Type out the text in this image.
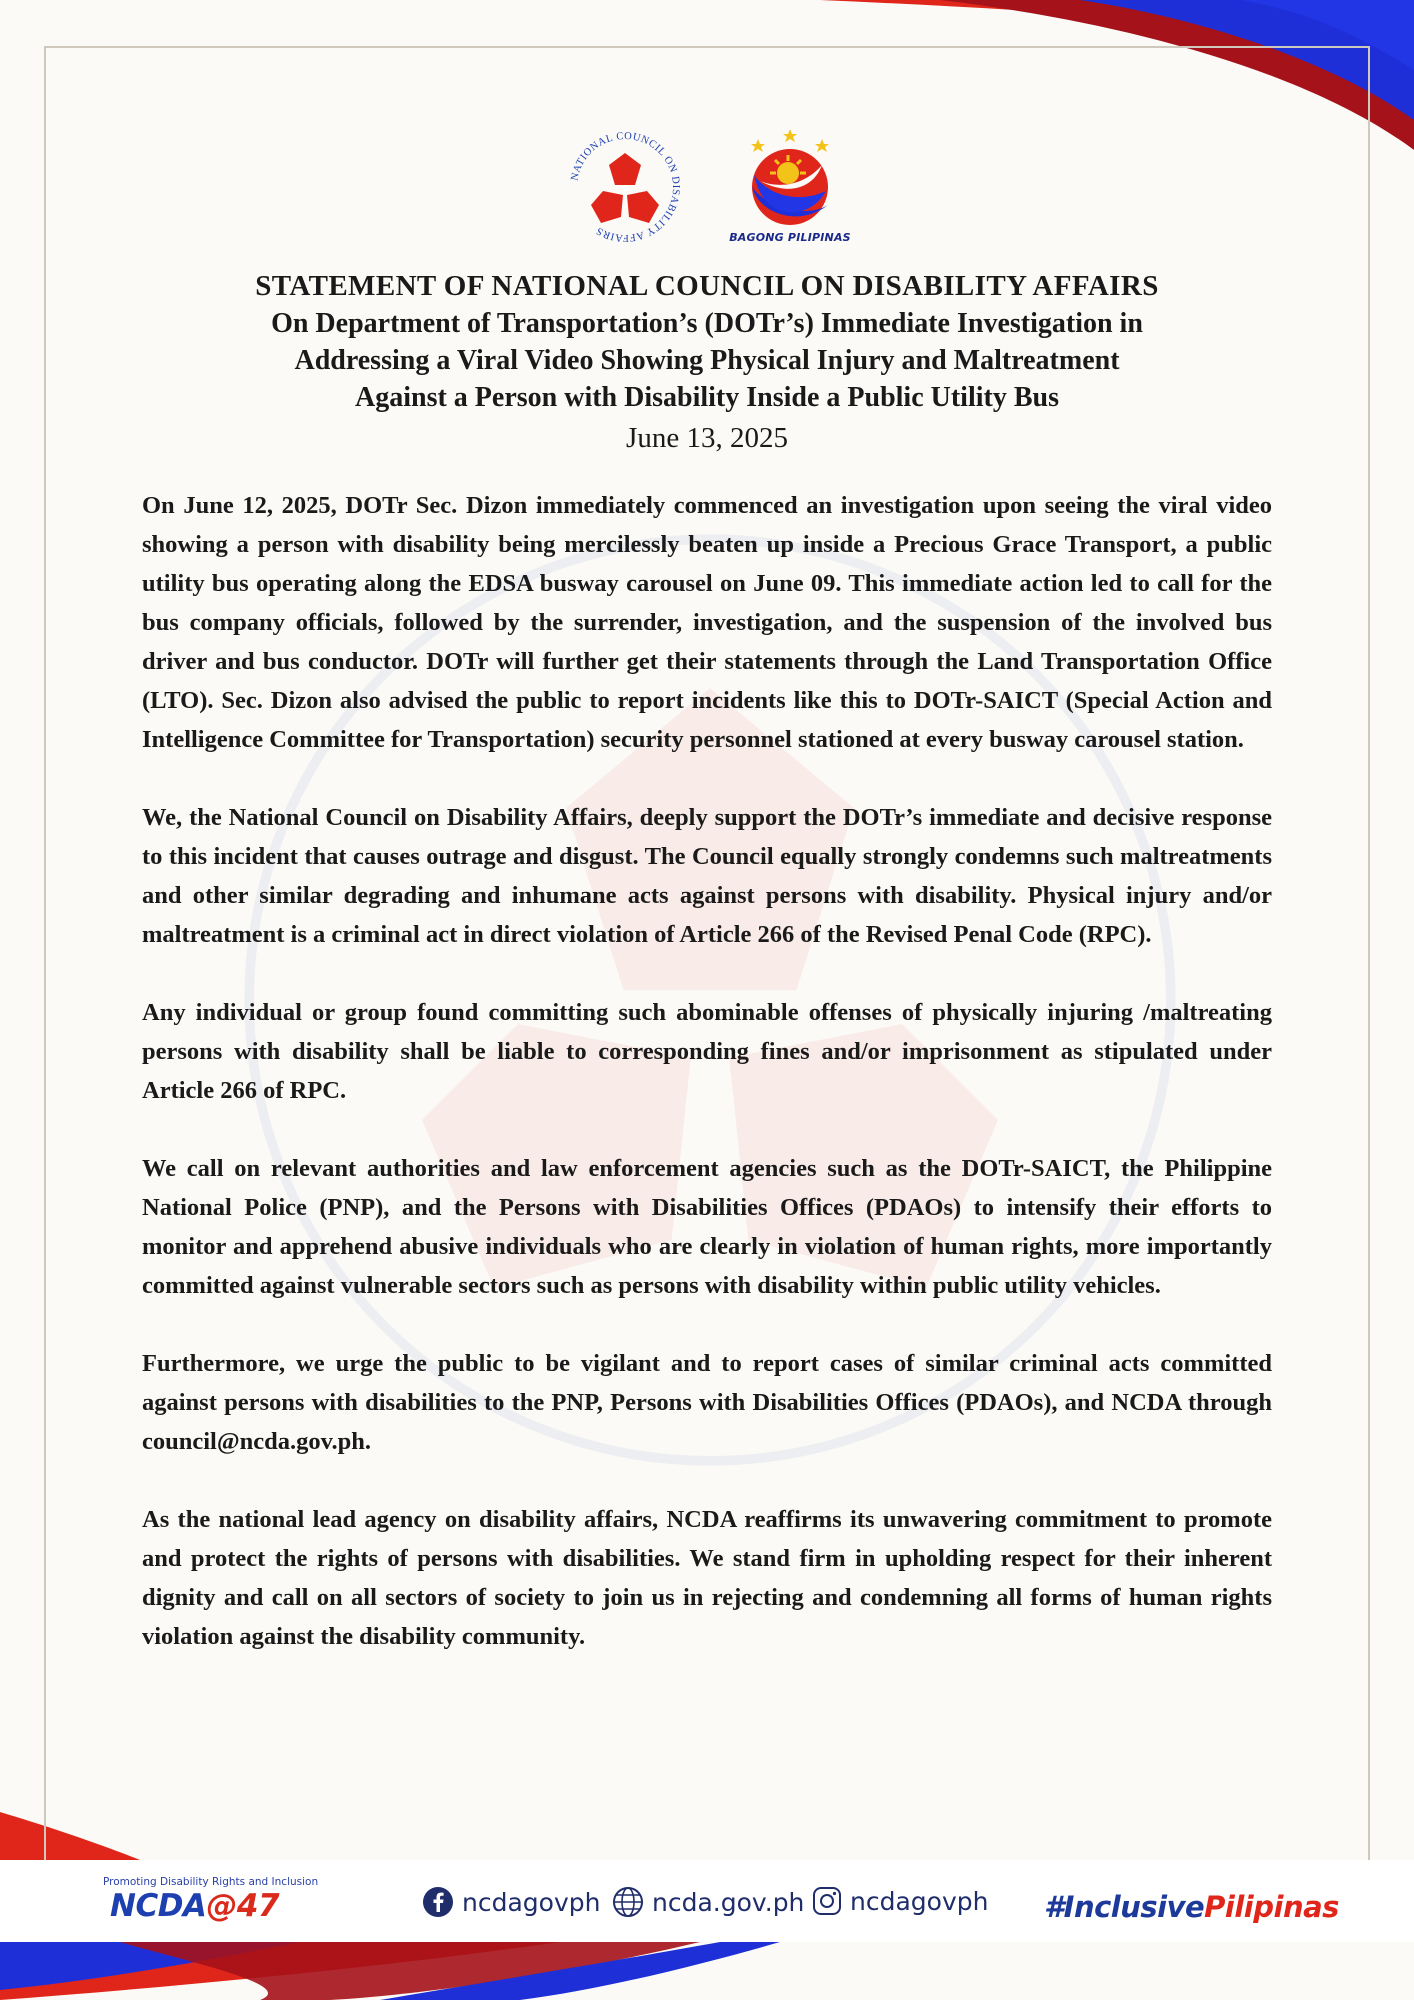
NATIONAL COUNCIL ON DISABILITY AFFAIRS
BAGONG PILIPINAS
STATEMENT OF NATIONAL COUNCIL ON DISABILITY AFFAIRS
On Department of Transportation’s (DOTr’s) Immediate Investigation in
Addressing a Viral Video Showing Physical Injury and Maltreatment
Against a Person with Disability Inside a Public Utility Bus
June 13, 2025

On June 12, 2025, DOTr Sec. Dizon immediately commenced an investigation upon seeing the viral video showing a person with disability being mercilessly beaten up inside a Precious Grace Transport, a public utility bus operating along the EDSA busway carousel on June 09. This immediate action led to call for the bus company officials, followed by the surrender, investigation, and the suspension of the involved bus driver and bus conductor. DOTr will further get their statements through the Land Transportation Office (LTO). Sec. Dizon also advised the public to report incidents like this to DOTr-SAICT (Special Action and Intelligence Committee for Transportation) security personnel stationed at every busway carousel station.

We, the National Council on Disability Affairs, deeply support the DOTr’s immediate and decisive response to this incident that causes outrage and disgust. The Council equally strongly condemns such maltreatments and other similar degrading and inhumane acts against persons with disability. Physical injury and/or maltreatment is a criminal act in direct violation of Article 266 of the Revised Penal Code (RPC).

Any individual or group found committing such abominable offenses of physically injuring /maltreating persons with disability shall be liable to corresponding fines and/or imprisonment as stipulated under Article 266 of RPC.

We call on relevant authorities and law enforcement agencies such as the DOTr-SAICT, the Philippine National Police (PNP), and the Persons with Disabilities Offices (PDAOs) to intensify their efforts to monitor and apprehend abusive individuals who are clearly in violation of human rights, more importantly committed against vulnerable sectors such as persons with disability within public utility vehicles.

Furthermore, we urge the public to be vigilant and to report cases of similar criminal acts committed against persons with disabilities to the PNP, Persons with Disabilities Offices (PDAOs), and NCDA through council@ncda.gov.ph.

As the national lead agency on disability affairs, NCDA reaffirms its unwavering commitment to promote and protect the rights of persons with disabilities. We stand firm in upholding respect for their inherent dignity and call on all sectors of society to join us in rejecting and condemning all forms of human rights violation against the disability community.

Promoting Disability Rights and Inclusion
NCDA@47	ncdagovph ncda.gov.ph ncdagovph #InclusivePilipinas
